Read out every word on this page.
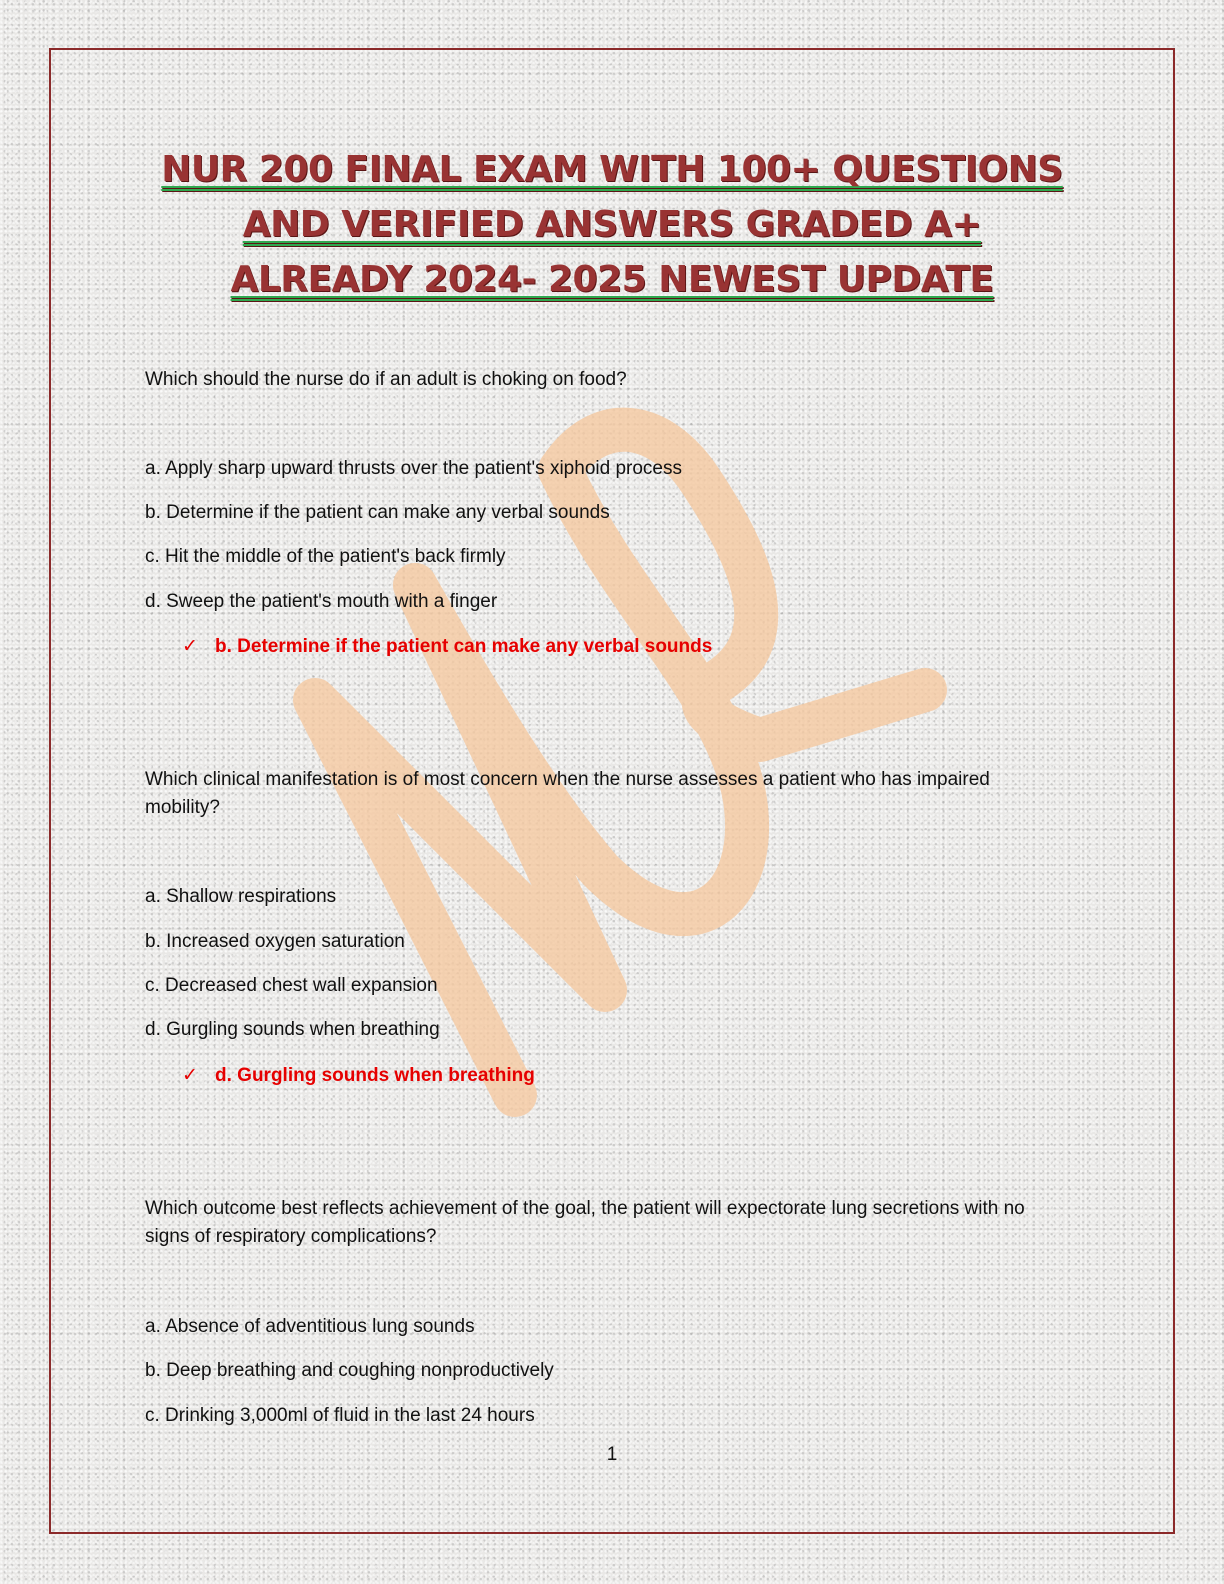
NUR
NUR 200 FINAL EXAM WITH 100+ QUESTIONS
AND VERIFIED ANSWERS GRADED A+
ALREADY 2024- 2025 NEWEST UPDATE

Which should the nurse do if an adult is choking on food?

a. Apply sharp upward thrusts over the patient's xiphoid process

b. Determine if the patient can make any verbal sounds

c. Hit the middle of the patient's back firmly

d. Sweep the patient's mouth with a finger

✓ b. Determine if the patient can make any verbal sounds

Which clinical manifestation is of most concern when the nurse assesses a patient who has impaired mobility?

a. Shallow respirations

b. Increased oxygen saturation

c. Decreased chest wall expansion

d. Gurgling sounds when breathing

✓ d. Gurgling sounds when breathing

Which outcome best reflects achievement of the goal, the patient will expectorate lung secretions with no signs of respiratory complications?

a. Absence of adventitious lung sounds

b. Deep breathing and coughing nonproductively

c. Drinking 3,000ml of fluid in the last 24 hours

1
